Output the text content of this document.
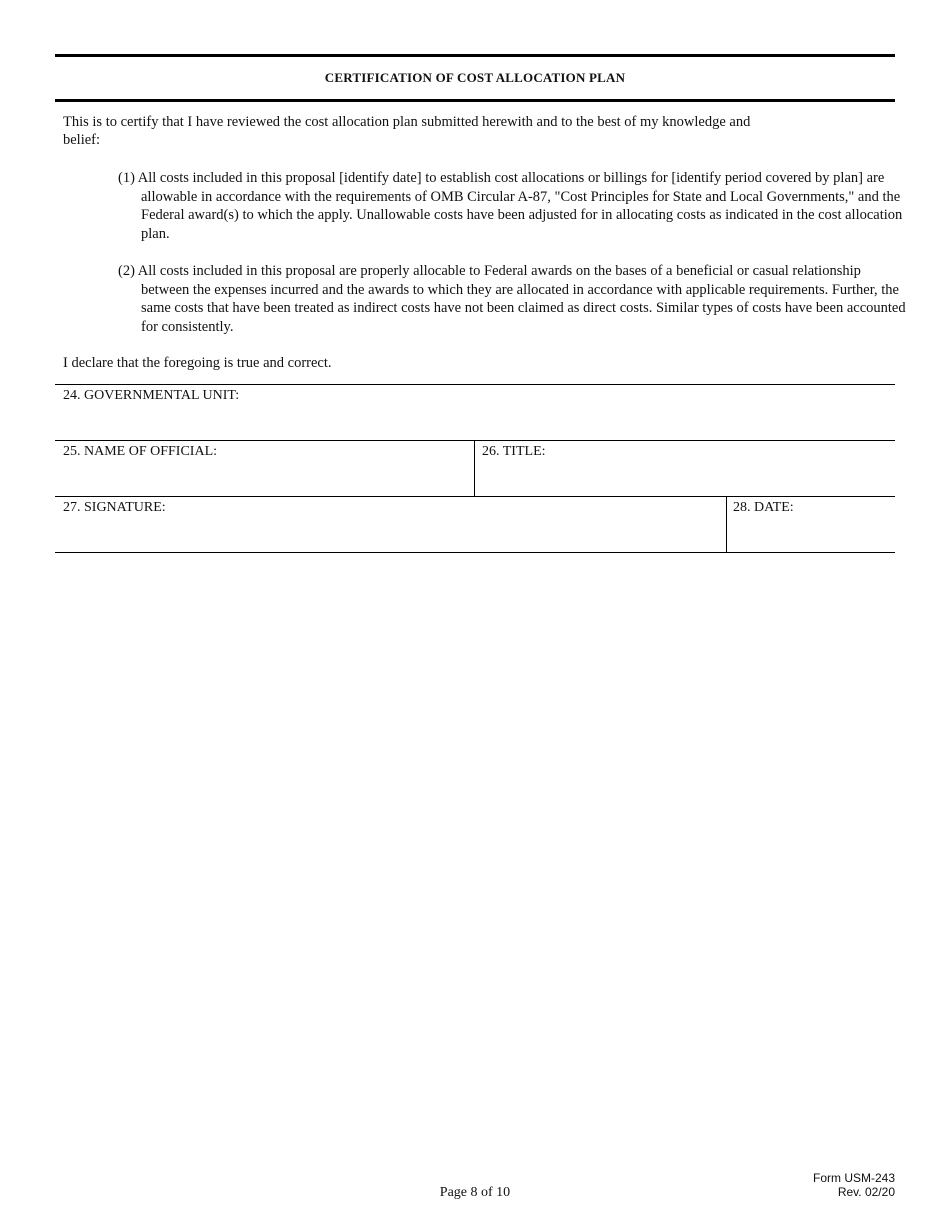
CERTIFICATION OF COST ALLOCATION PLAN
This is to certify that I have reviewed the cost allocation plan submitted herewith and to the best of my knowledge and belief:
(1) All costs included in this proposal [identify date] to establish cost allocations or billings for [identify period covered by plan] are allowable in accordance with the requirements of OMB Circular A-87, "Cost Principles for State and Local Governments," and the Federal award(s) to which the apply. Unallowable costs have been adjusted for in allocating costs as indicated in the cost allocation plan.
(2) All costs included in this proposal are properly allocable to Federal awards on the bases of a beneficial or casual relationship between the expenses incurred and the awards to which they are allocated in accordance with applicable requirements. Further, the same costs that have been treated as indirect costs have not been claimed as direct costs. Similar types of costs have been accounted for consistently.
I declare that the foregoing is true and correct.
24. GOVERNMENTAL UNIT:
25. NAME OF OFFICIAL:	26. TITLE:
27. SIGNATURE:	28. DATE:
Page 8 of 10
Form USM-243
Rev. 02/20
